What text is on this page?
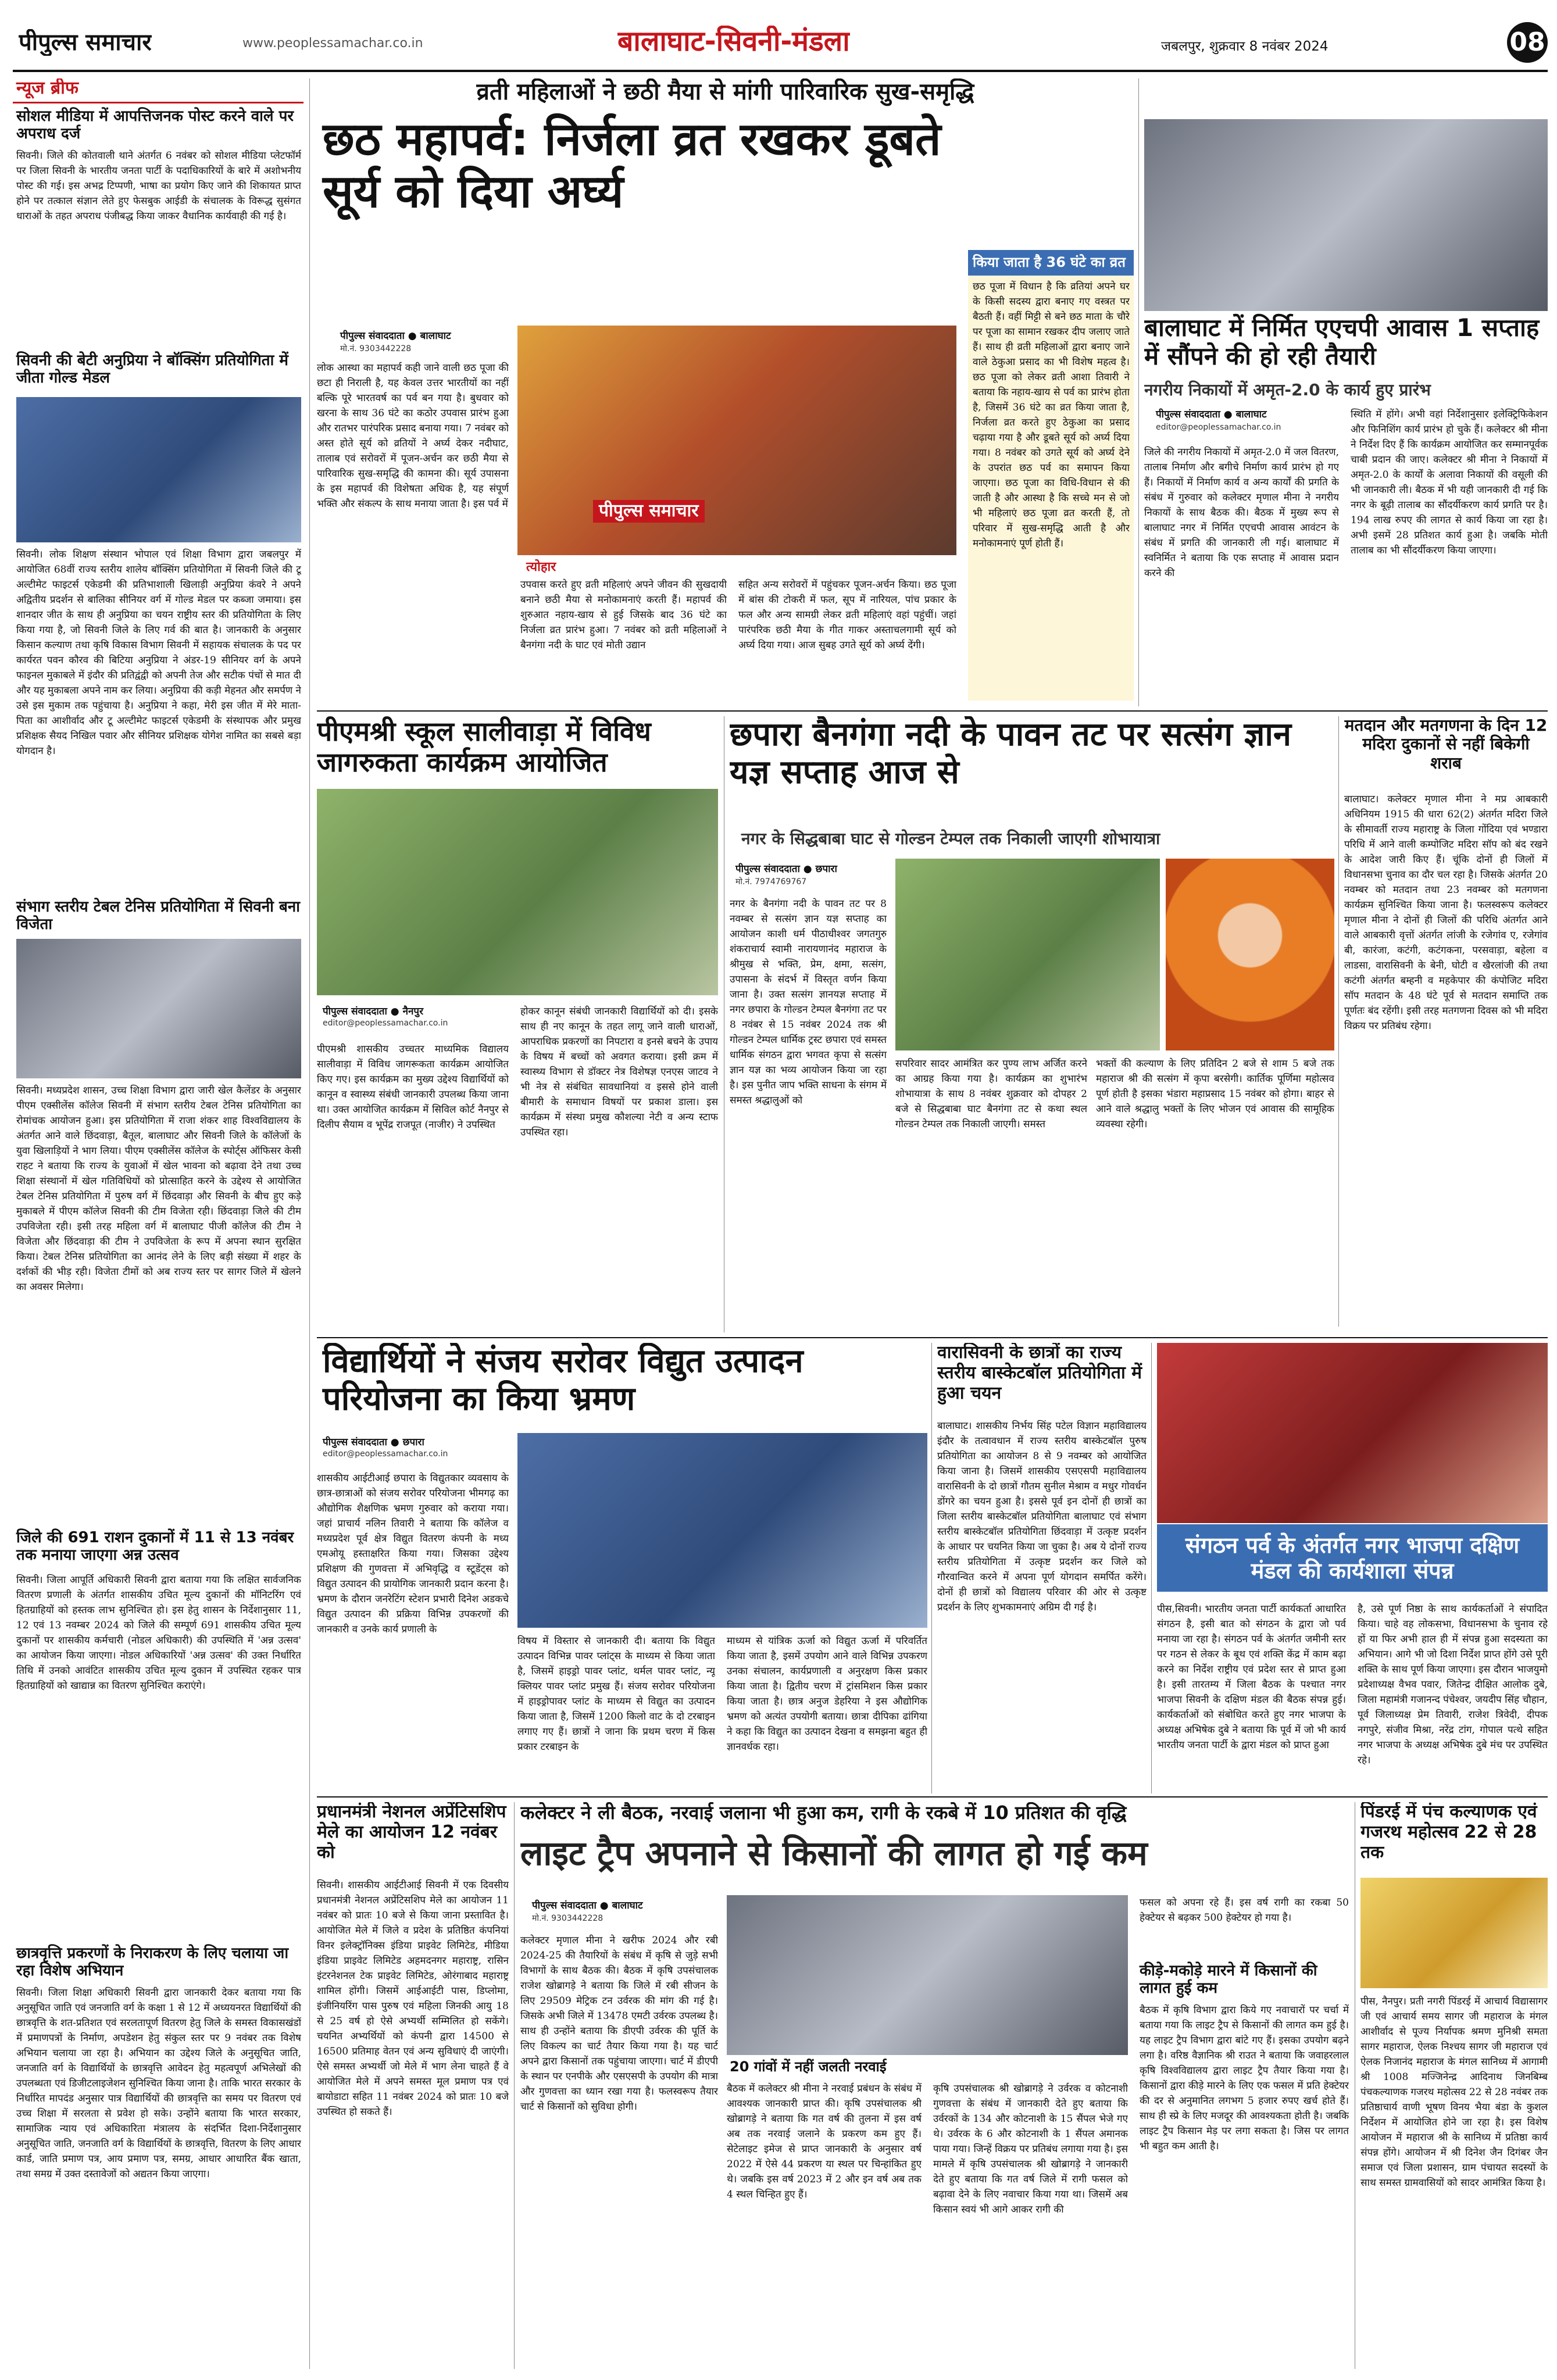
पीपुल्स समाचार	www.peoplessamachar.co.in	बालाघाट-सिवनी-मंडला	जबलपुर, शुक्रवार 8 नवंबर 2024	08
न्यूज ब्रीफ
सोशल मीडिया में आपत्तिजनक पोस्ट करने वाले पर अपराध दर्ज
सिवनी। जिले की कोतवाली थाने अंतर्गत 6 नवंबर को सोशल मीडिया प्लेटफॉर्म पर जिला सिवनी के भारतीय जनता पार्टी के पदाधिकारियों के बारे में अशोभनीय पोस्ट की गई। इस अभद्र टिप्पणी, भाषा का प्रयोग किए जाने की शिकायत प्राप्त होने पर तत्काल संज्ञान लेते हुए फेसबुक आईडी के संचालक के विरूद्ध सुसंगत धाराओं के तहत अपराध पंजीबद्ध किया जाकर वैधानिक कार्यवाही की गई है।
सिवनी की बेटी अनुप्रिया ने बॉक्सिंग प्रतियोगिता में जीता गोल्ड मेडल
सिवनी। लोक शिक्षण संस्थान भोपाल एवं शिक्षा विभाग द्वारा जबलपुर में आयोजित 68वीं राज्य स्तरीय शालेय बॉक्सिंग प्रतियोगिता में सिवनी जिले की टू अल्टीमेट फाइटर्स एकेडमी की प्रतिभाशाली खिलाड़ी अनुप्रिया कंवरे ने अपने अद्वितीय प्रदर्शन से बालिका सीनियर वर्ग में गोल्ड मेडल पर कब्जा जमाया। इस शानदार जीत के साथ ही अनुप्रिया का चयन राष्ट्रीय स्तर की प्रतियोगिता के लिए किया गया है, जो सिवनी जिले के लिए गर्व की बात है। जानकारी के अनुसार किसान कल्याण तथा कृषि विकास विभाग सिवनी में सहायक संचालक के पद पर कार्यरत पवन कौरव की बिटिया अनुप्रिया ने अंडर-19 सीनियर वर्ग के अपने फाइनल मुकाबले में इंदौर की प्रतिद्वंद्वी को अपनी तेज और सटीक पंचों से मात दी और यह मुकाबला अपने नाम कर लिया। अनुप्रिया की कड़ी मेहनत और समर्पण ने उसे इस मुकाम तक पहुंचाया है। अनुप्रिया ने कहा, मेरी इस जीत में मेरे माता-पिता का आशीर्वाद और टू अल्टीमेट फाइटर्स एकेडमी के संस्थापक और प्रमुख प्रशिक्षक सैयद निखिल पवार और सीनियर प्रशिक्षक योगेश नामित का सबसे बड़ा योगदान है।
संभाग स्तरीय टेबल टेनिस प्रतियोगिता में सिवनी बना विजेता
सिवनी। मध्यप्रदेश शासन, उच्च शिक्षा विभाग द्वारा जारी खेल कैलेंडर के अनुसार पीएम एक्सीलेंस कॉलेज सिवनी में संभाग स्तरीय टेबल टेनिस प्रतियोगिता का रोमांचक आयोजन हुआ। इस प्रतियोगिता में राजा शंकर शाह विश्वविद्यालय के अंतर्गत आने वाले छिंदवाड़ा, बैतूल, बालाघाट और सिवनी जिले के कॉलेजों के युवा खिलाड़ियों ने भाग लिया। पीएम एक्सीलेंस कॉलेज के स्पोर्ट्स ऑफिसर केसी राहट ने बताया कि राज्य के युवाओं में खेल भावना को बढ़ावा देने तथा उच्च शिक्षा संस्थानों में खेल गतिविधियों को प्रोत्साहित करने के उद्देश्य से आयोजित टेबल टेनिस प्रतियोगिता में पुरुष वर्ग में छिंदवाड़ा और सिवनी के बीच हुए कड़े मुकाबले में पीएम कॉलेज सिवनी की टीम विजेता रही। छिंदवाड़ा जिले की टीम उपविजेता रही। इसी तरह महिला वर्ग में बालाघाट पीजी कॉलेज की टीम ने विजेता और छिंदवाड़ा की टीम ने उपविजेता के रूप में अपना स्थान सुरक्षित किया। टेबल टेनिस प्रतियोगिता का आनंद लेने के लिए बड़ी संख्या में शहर के दर्शकों की भीड़ रही। विजेता टीमों को अब राज्य स्तर पर सागर जिले में खेलने का अवसर मिलेगा।
जिले की 691 राशन दुकानों में 11 से 13 नवंबर तक मनाया जाएगा अन्न उत्सव
सिवनी। जिला आपूर्ति अधिकारी सिवनी द्वारा बताया गया कि लक्षित सार्वजनिक वितरण प्रणाली के अंतर्गत शासकीय उचित मूल्य दुकानों की मॉनिटरिंग एवं हितग्राहियों को हस्तक लाभ सुनिश्चित हो। इस हेतु शासन के निर्देशानुसार 11, 12 एवं 13 नवम्बर 2024 को जिले की सम्पूर्ण 691 शासकीय उचित मूल्य दुकानों पर शासकीय कर्मचारी (नोडल अधिकारी) की उपस्थिति में 'अन्न उत्सव' का आयोजन किया जाएगा। नोडल अधिकारियों 'अन्न उत्सव' की उक्त निर्धारित तिथि में उनको आवंटित शासकीय उचित मूल्य दुकान में उपस्थित रहकर पात्र हितग्राहियों को खाद्यान्न का वितरण सुनिश्चित कराएंगे।
छात्रवृत्ति प्रकरणों के निराकरण के लिए चलाया जा रहा विशेष अभियान
सिवनी। जिला शिक्षा अधिकारी सिवनी द्वारा जानकारी देकर बताया गया कि अनुसूचित जाति एवं जनजाति वर्ग के कक्षा 1 से 12 में अध्ययनरत विद्यार्थियों की छात्रवृत्ति के शत-प्रतिशत एवं सरलतापूर्ण वितरण हेतु जिले के समस्त विकासखंडों में प्रमाणपत्रों के निर्माण, अपडेशन हेतु संकुल स्तर पर 9 नवंबर तक विशेष अभियान चलाया जा रहा है। अभियान का उद्देश्य जिले के अनुसूचित जाति, जनजाति वर्ग के विद्यार्थियों के छात्रवृत्ति आवेदन हेतु महत्वपूर्ण अभिलेखों की उपलब्धता एवं डिजीटलाइजेशन सुनिश्चित किया जाना है। ताकि भारत सरकार के निर्धारित मापदंड अनुसार पात्र विद्यार्थियों की छात्रवृत्ति का समय पर वितरण एवं उच्च शिक्षा में सरलता से प्रवेश हो सके। उन्होंने बताया कि भारत सरकार, सामाजिक न्याय एवं अधिकारिता मंत्रालय के संदर्भित दिशा-निर्देशानुसार अनुसूचित जाति, जनजाति वर्ग के विद्यार्थियों के छात्रवृत्ति, वितरण के लिए आधार कार्ड, जाति प्रमाण पत्र, आय प्रमाण पत्र, समग्र, आधार आधारित बैंक खाता, तथा समग्र में उक्त दस्तावेजों को अद्यतन किया जाएगा।
व्रती महिलाओं ने छठी मैया से मांगी पारिवारिक सुख-समृद्धि
छठ महापर्व: निर्जला व्रत रखकर डूबते सूर्य को दिया अर्घ्य
पीपुल्स संवाददाता ● बालाघाट
मो.नं. 9303442228
पीपुल्स समाचार
त्योहार
लोक आस्था का महापर्व कही जाने वाली छठ पूजा की छटा ही निराली है, यह केवल उत्तर भारतीयों का नहीं बल्कि पूरे भारतवर्ष का पर्व बन गया है। बुधवार को खरना के साथ 36 घंटे का कठोर उपवास प्रारंभ हुआ और रातभर पारंपरिक प्रसाद बनाया गया। 7 नवंबर को अस्त होते सूर्य को व्रतियों ने अर्घ्य देकर नदीघाट, तालाब एवं सरोवरों में पूजन-अर्चन कर छठी मैया से पारिवारिक सुख-समृद्धि की कामना की। सूर्य उपासना के इस महापर्व की विशेषता अधिक है, यह संपूर्ण भक्ति और संकल्प के साथ मनाया जाता है। इस पर्व में
उपवास करते हुए व्रती महिलाएं अपने जीवन की सुखदायी बनाने छठी मैया से मनोकामनाएं करती हैं। महापर्व की शुरुआत नहाय-खाय से हुई जिसके बाद 36 घंटे का निर्जला व्रत प्रारंभ हुआ। 7 नवंबर को व्रती महिलाओं ने बैनगंगा नदी के घाट एवं मोती उद्यान
सहित अन्य सरोवरों में पहुंचकर पूजन-अर्चन किया। छठ पूजा में बांस की टोकरी में फल, सूप में नारियल, पांच प्रकार के फल और अन्य सामग्री लेकर व्रती महिलाएं वहां पहुंचीं। जहां पारंपरिक छठी मैया के गीत गाकर अस्ताचलगामी सूर्य को अर्घ्य दिया गया। आज सुबह उगते सूर्य को अर्घ्य देंगी।
किया जाता है 36 घंटे का व्रत
छठ पूजा में विधान है कि व्रतियां अपने घर के किसी सदस्य द्वारा बनाए गए वस्त्रत पर बैठती हैं। वहीं मिट्टी से बने छठ माता के चौरे पर पूजा का सामान रखकर दीप जलाए जाते हैं। साथ ही व्रती महिलाओं द्वारा बनाए जाने वाले ठेकुआ प्रसाद का भी विशेष महत्व है। छठ पूजा को लेकर व्रती आशा तिवारी ने बताया कि नहाय-खाय से पर्व का प्रारंभ होता है, जिसमें 36 घंटे का व्रत किया जाता है, निर्जला व्रत करते हुए ठेकुआ का प्रसाद चढ़ाया गया है और डूबते सूर्य को अर्घ्य दिया गया। 8 नवंबर को उगते सूर्य को अर्घ्य देने के उपरांत छठ पर्व का समापन किया जाएगा। छठ पूजा का विधि-विधान से की जाती है और आस्था है कि सच्चे मन से जो भी महिलाएं छठ पूजा व्रत करती हैं, तो परिवार में सुख-समृद्धि आती है और मनोकामनाएं पूर्ण होती हैं।
बालाघाट में निर्मित एएचपी आवास 1 सप्ताह में सौंपने की हो रही तैयारी
नगरीय निकायों में अमृत-2.0 के कार्य हुए प्रारंभ
पीपुल्स संवाददाता ● बालाघाट
editor@peoplessamachar.co.in
जिले की नगरीय निकायों में अमृत-2.0 में जल वितरण, तालाब निर्माण और बगीचे निर्माण कार्य प्रारंभ हो गए हैं। निकायों में निर्माण कार्य व अन्य कार्यों की प्रगति के संबंध में गुरुवार को कलेक्टर मृणाल मीना ने नगरीय निकायों के साथ बैठक की। बैठक में मुख्य रूप से बालाघाट नगर में निर्मित एएचपी आवास आवंटन के संबंध में प्रगति की जानकारी ली गई। बालाघाट में स्वनिर्मित ने बताया कि एक सप्ताह में आवास प्रदान करने की
स्थिति में होंगे। अभी वहां निर्देशानुसार इलेक्ट्रिफिकेशन और फिनिशिंग कार्य प्रारंभ हो चुके हैं। कलेक्टर श्री मीना ने निर्देश दिए हैं कि कार्यक्रम आयोजित कर सम्मानपूर्वक चाबी प्रदान की जाए। कलेक्टर श्री मीना ने निकायों में अमृत-2.0 के कार्यों के अलावा निकायों की वसूली की भी जानकारी ली। बैठक में भी यही जानकारी दी गई कि नगर के बूढ़ी तालाब का सौंदर्यीकरण कार्य प्रगति पर है। 194 लाख रुपए की लागत से कार्य किया जा रहा है। अभी इसमें 28 प्रतिशत कार्य हुआ है। जबकि मोती तालाब का भी सौंदर्यीकरण किया जाएगा।
पीएमश्री स्कूल सालीवाड़ा में विविध जागरुकता कार्यक्रम आयोजित
पीपुल्स संवाददाता ● नैनपुर
editor@peoplessamachar.co.in
पीएमश्री शासकीय उच्चतर माध्यमिक विद्यालय सालीवाड़ा में विविध जागरूकता कार्यक्रम आयोजित किए गए। इस कार्यक्रम का मुख्य उद्देश्य विद्यार्थियों को कानून व स्वास्थ्य संबंधी जानकारी उपलब्ध किया जाना था। उक्त आयोजित कार्यक्रम में सिविल कोर्ट नैनपुर से दिलीप सैयाम व भूपेंद्र राजपूत (नाजीर) ने उपस्थित
होकर कानून संबंधी जानकारी विद्यार्थियों को दी। इसके साथ ही नए कानून के तहत लागू जाने वाली धाराओं, आपराधिक प्रकरणों का निपटारा व इनसे बचने के उपाय के विषय में बच्चों को अवगत कराया। इसी क्रम में स्वास्थ्य विभाग से डॉक्टर नेत्र विशेषज्ञ एनएस जाटव ने भी नेत्र से संबंधित सावधानियां व इससे होने वाली बीमारी के समाधान विषयों पर प्रकाश डाला। इस कार्यक्रम में संस्था प्रमुख कौशल्या नेटी व अन्य स्टाफ उपस्थित रहा।
छपारा बैनगंगा नदी के पावन तट पर सत्संग ज्ञान यज्ञ सप्ताह आज से
नगर के सिद्धबाबा घाट से गोल्डन टेम्पल तक निकाली जाएगी शोभायात्रा
पीपुल्स संवाददाता ● छपारा
मो.नं. 7974769767
नगर के बैनगंगा नदी के पावन तट पर 8 नवम्बर से सत्संग ज्ञान यज्ञ सप्ताह का आयोजन काशी धर्म पीठाधीश्वर जगतगुरु शंकराचार्य स्वामी नारायणानंद महाराज के श्रीमुख से भक्ति, प्रेम, क्षमा, सत्संग, उपासना के संदर्भ में विस्तृत वर्णन किया जाना है। उक्त सत्संग ज्ञानयज्ञ सप्ताह में नगर छपारा के गोल्डन टेम्पल बैनगंगा तट पर 8 नवंबर से 15 नवंबर 2024 तक श्री गोल्डन टेम्पल धार्मिक ट्रस्ट छपारा एवं समस्त धार्मिक संगठन द्वारा भगवत कृपा से सत्संग ज्ञान यज्ञ का भव्य आयोजन किया जा रहा है। इस पुनीत जाप भक्ति साधना के संगम में समस्त श्रद्धालुओं को
सपरिवार सादर आमंत्रित कर पुण्य लाभ अर्जित करने का आग्रह किया गया है। कार्यक्रम का शुभारंभ शोभायात्रा के साथ 8 नवंबर शुक्रवार को दोपहर 2 बजे से सिद्धबाबा घाट बैनगंगा तट से कथा स्थल गोल्डन टेम्पल तक निकाली जाएगी। समस्त
भक्तों की कल्याण के लिए प्रतिदिन 2 बजे से शाम 5 बजे तक महाराज श्री की सत्संग में कृपा बरसेगी। कार्तिक पूर्णिमा महोत्सव पूर्ण होती है इसका भंडारा महाप्रसाद 15 नवंबर को होगा। बाहर से आने वाले श्रद्धालु भक्तों के लिए भोजन एवं आवास की सामूहिक व्यवस्था रहेगी।
मतदान और मतगणना के दिन 12 मदिरा दुकानों से नहीं बिकेगी शराब
बालाघाट। कलेक्टर मृणाल मीना ने मप्र आबकारी अधिनियम 1915 की धारा 62(2) अंतर्गत मदिरा जिले के सीमावर्ती राज्य महाराष्ट्र के जिला गोंदिया एवं भण्डारा परिधि में आने वाली कम्पोजिट मदिरा सॉप को बंद रखने के आदेश जारी किए हैं। चूंकि दोनों ही जिलों में विधानसभा चुनाव का दौर चल रहा है। जिसके अंतर्गत 20 नवम्बर को मतदान तथा 23 नवम्बर को मतगणना कार्यक्रम सुनिश्चित किया जाना है। फलस्वरूप कलेक्टर मृणाल मीना ने दोनों ही जिलों की परिधि अंतर्गत आने वाले आबकारी वृत्तों अंतर्गत लांजी के रजेगांव ए, रजेगांव बी, कारंजा, कटंगी, कटंगकना, परसवाड़ा, बहेला व लाडसा, वारासिवनी के बेनी, घोटी व खैरलांजी की तथा कटंगी अंतर्गत बम्हनी व महकेपार की कंपोजिट मदिरा सॉप मतदान के 48 घंटे पूर्व से मतदान समाप्ति तक पूर्णतः बंद रहेंगी। इसी तरह मतगणना दिवस को भी मदिरा विक्रय पर प्रतिबंध रहेगा।
विद्यार्थियों ने संजय सरोवर विद्युत उत्पादन परियोजना का किया भ्रमण
पीपुल्स संवाददाता ● छपारा
editor@peoplessamachar.co.in
शासकीय आईटीआई छपारा के विद्युतकार व्यवसाय के छात्र-छात्राओं को संजय सरोवर परियोजना भीमगढ़ का औद्योगिक शैक्षणिक भ्रमण गुरुवार को कराया गया। जहां प्राचार्य नलिन तिवारी ने बताया कि कॉलेज व मध्यप्रदेश पूर्व क्षेत्र विद्युत वितरण कंपनी के मध्य एमओयू हस्ताक्षरित किया गया। जिसका उद्देश्य प्रशिक्षण की गुणवत्ता में अभिवृद्धि व स्टूडेंट्स को विद्युत उत्पादन की प्रायोगिक जानकारी प्रदान करना है। भ्रमण के दौरान जनरेटिंग स्टेशन प्रभारी दिनेश अडकचे विद्युत उत्पादन की प्रक्रिया विभिन्न उपकरणों की जानकारी व उनके कार्य प्रणाली के
विषय में विस्तार से जानकारी दी। बताया कि विद्युत उत्पादन विभिन्न पावर प्लांट्स के माध्यम से किया जाता है, जिसमें हाइड्रो पावर प्लांट, थर्मल पावर प्लांट, न्यू क्लियर पावर प्लांट प्रमुख हैं। संजय सरोवर परियोजना में हाइड्रोपावर प्लांट के माध्यम से विद्युत का उत्पादन किया जाता है, जिसमें 1200 किलो वाट के दो टरबाइन लगाए गए हैं। छात्रों ने जाना कि प्रथम चरण में किस प्रकार टरबाइन के
माध्यम से यांत्रिक ऊर्जा को विद्युत ऊर्जा में परिवर्तित किया जाता है, इसमें उपयोग आने वाले विभिन्न उपकरण उनका संचालन, कार्यप्रणाली व अनुरक्षण किस प्रकार किया जाता है। द्वितीय चरण में ट्रांसमिशन किस प्रकार किया जाता है। छात्र अनुज डेहरिया ने इस औद्योगिक भ्रमण को अत्यंत उपयोगी बताया। छात्रा दीपिका ढांगिया ने कहा कि विद्युत का उत्पादन देखना व समझना बहुत ही ज्ञानवर्धक रहा।
वारासिवनी के छात्रों का राज्य स्तरीय बास्केटबॉल प्रतियोगिता में हुआ चयन
बालाघाट। शासकीय निर्भय सिंह पटेल विज्ञान महाविद्यालय इंदौर के तत्वावधान में राज्य स्तरीय बास्केटबॉल पुरुष प्रतियोगिता का आयोजन 8 से 9 नवम्बर को आयोजित किया जाना है। जिसमें शासकीय एसएसपी महाविद्यालय वारासिवनी के दो छात्रों गौतम सुनील मेश्राम व मधुर गोवर्धन डोंगरे का चयन हुआ है। इससे पूर्व इन दोनों ही छात्रों का जिला स्तरीय बास्केटबॉल प्रतियोगिता बालाघाट एवं संभाग स्तरीय बास्केटबॉल प्रतियोगिता छिंदवाड़ा में उत्कृष्ट प्रदर्शन के आधार पर चयनित किया जा चुका है। अब ये दोनों राज्य स्तरीय प्रतियोगिता में उत्कृष्ट प्रदर्शन कर जिले को गौरवान्वित करने में अपना पूर्ण योगदान समर्पित करेंगे। दोनों ही छात्रों को विद्यालय परिवार की ओर से उत्कृष्ट प्रदर्शन के लिए शुभकामनाएं अग्रिम दी गई है।
संगठन पर्व के अंतर्गत नगर भाजपा दक्षिण मंडल की कार्यशाला संपन्न
पीस,सिवनी। भारतीय जनता पार्टी कार्यकर्ता आधारित संगठन है, इसी बात को संगठन के द्वारा जो पर्व मनाया जा रहा है। संगठन पर्व के अंतर्गत जमीनी स्तर पर गठन से लेकर के बूथ एवं शक्ति केंद्र में काम बढ़ा करने का निर्देश राष्ट्रीय एवं प्रदेश स्तर से प्राप्त हुआ है। इसी तारतम्य में जिला बैठक के पश्चात नगर भाजपा सिवनी के दक्षिण मंडल की बैठक संपन्न हुई। कार्यकर्ताओं को संबोधित करते हुए नगर भाजपा के अध्यक्ष अभिषेक दुबे ने बताया कि पूर्व में जो भी कार्य भारतीय जनता पार्टी के द्वारा मंडल को प्राप्त हुआ
है, उसे पूर्ण निष्ठा के साथ कार्यकर्ताओं ने संपादित किया। चाहे वह लोकसभा, विधानसभा के चुनाव रहे हों या फिर अभी हाल ही में संपन्न हुआ सदस्यता का अभियान। आगे भी जो दिशा निर्देश प्राप्त होंगे उसे पूरी शक्ति के साथ पूर्ण किया जाएगा। इस दौरान भाजयुमो प्रदेशाध्यक्ष वैभव पवार, जितेन्द्र दीक्षित आलोक दुबे, जिला महामंत्री गजानन्द पंचेश्वर, जयदीप सिंह चौहान, पूर्व जिलाध्यक्ष प्रेम तिवारी, राजेश त्रिवेदी, दीपक नगपुरे, संजीव मिश्रा, नरेंद्र टांग, गोपाल पत्थे सहित नगर भाजपा के अध्यक्ष अभिषेक दुबे मंच पर उपस्थित रहे।
प्रधानमंत्री नेशनल अप्रेंटिसशिप मेले का आयोजन 12 नवंबर को
सिवनी। शासकीय आईटीआई सिवनी में एक दिवसीय प्रधानमंत्री नेशनल अप्रेंटिसशिप मेले का आयोजन 11 नवंबर को प्रातः 10 बजे से किया जाना प्रस्तावित है। आयोजित मेले में जिले व प्रदेश के प्रतिष्ठित कंपनियां विनर इलेक्ट्रॉनिक्स इंडिया प्राइवेट लिमिटेड, मीडिया इंडिया प्राइवेट लिमिटेड अहमदनगर महाराष्ट्र, रासिन इंटरनेशनल टेक प्राइवेट लिमिटेड, ओरंगाबाद महाराष्ट्र शामिल होंगी। जिसमें आईआईटी पास, डिप्लोमा, इंजीनियरिंग पास पुरुष एवं महिला जिनकी आयु 18 से 25 वर्ष हो ऐसे अभ्यर्थी सम्मिलित हो सकेंगे। चयनित अभ्यर्थियों को कंपनी द्वारा 14500 से 16500 प्रतिमाह वेतन एवं अन्य सुविधाएं दी जाएंगी। ऐसे समस्त अभ्यर्थी जो मेले में भाग लेना चाहते हैं वे आयोजित मेले में अपने समस्त मूल प्रमाण पत्र एवं बायोडाटा सहित 11 नवंबर 2024 को प्रातः 10 बजे उपस्थित हो सकते हैं।
कलेक्टर ने ली बैठक, नरवाई जलाना भी हुआ कम, रागी के रकबे में 10 प्रतिशत की वृद्धि
लाइट ट्रैप अपनाने से किसानों की लागत हो गई कम
पीपुल्स संवाददाता ● बालाघाट
मो.नं. 9303442228
कलेक्टर मृणाल मीना ने खरीफ 2024 और रबी 2024-25 की तैयारियों के संबंध में कृषि से जुड़े सभी विभागों के साथ बैठक की। बैठक में कृषि उपसंचालक राजेश खोब्रागड़े ने बताया कि जिले में रबी सीजन के लिए 29509 मेट्रिक टन उर्वरक की मांग की गई है। जिसके अभी जिले में 13478 एमटी उर्वरक उपलब्ध है। साथ ही उन्होंने बताया कि डीएपी उर्वरक की पूर्ति के लिए विकल्प का चार्ट तैयार किया गया है। यह चार्ट अपने द्वारा किसानों तक पहुंचाया जाएगा। चार्ट में डीएपी के स्थान पर एनपीके और एसएसपी के उपयोग की मात्रा और गुणवत्ता का ध्यान रखा गया है। फलस्वरूप तैयार चार्ट से किसानों को सुविधा होगी।
20 गांवों में नहीं जलती नरवाई
बैठक में कलेक्टर श्री मीना ने नरवाई प्रबंधन के संबंध में आवश्यक जानकारी प्राप्त की। कृषि उपसंचालक श्री खोब्रागड़े ने बताया कि गत वर्ष की तुलना में इस वर्ष अब तक नरवाई जलाने के प्रकरण कम हुए हैं। सेटेलाइट इमेज से प्राप्त जानकारी के अनुसार वर्ष 2022 में ऐसे 44 प्रकरण या स्थल पर चिन्हांकित हुए थे। जबकि इस वर्ष 2023 में 2 और इन वर्ष अब तक 4 स्थल चिन्हित हुए हैं।
कृषि उपसंचालक श्री खोब्रागड़े ने उर्वरक व कोटनाशी गुणवत्ता के संबंध में जानकारी देते हुए बताया कि उर्वरकों के 134 और कोटनाशी के 15 सैंपल भेजे गए थे। उर्वरक के 6 और कोटनाशी के 1 सैंपल अमानक पाया गया। जिन्हें विक्रय पर प्रतिबंध लगाया गया है। इस मामले में कृषि उपसंचालक श्री खोब्रागड़े ने जानकारी देते हुए बताया कि गत वर्ष जिले में रागी फसल को बढ़ावा देने के लिए नवाचार किया गया था। जिसमें अब किसान स्वयं भी आगे आकर रागी की
फसल को अपना रहे हैं। इस वर्ष रागी का रकबा 50 हेक्टेयर से बढ़कर 500 हेक्टेयर हो गया है।
कीड़े-मकोड़े मारने में किसानों की लागत हुई कम
बैठक में कृषि विभाग द्वारा किये गए नवाचारों पर चर्चा में बताया गया कि लाइट ट्रैप से किसानों की लागत कम हुई है। यह लाइट ट्रैप विभाग द्वारा बांटे गए हैं। इसका उपयोग बढ़ने लगा है। वरिष्ठ वैज्ञानिक श्री राउत ने बताया कि जवाहरलाल कृषि विश्वविद्यालय द्वारा लाइट ट्रैप तैयार किया गया है। किसानों द्वारा कीड़े मारने के लिए एक फसल में प्रति हेक्टेयर की दर से अनुमानित लगभग 5 हजार रुपए खर्च होते हैं। साथ ही स्प्रे के लिए मजदूर की आवश्यकता होती है। जबकि लाइट ट्रैप किसान मेड़ पर लगा सकता है। जिस पर लागत भी बहुत कम आती है।
पिंडरई में पंच कल्याणक एवं गजरथ महोत्सव 22 से 28 तक
पीस, नैनपुर। प्रती नगरी पिंडरई में आचार्य विद्यासागर जी एवं आचार्य समय सागर जी महाराज के मंगल आशीर्वाद से पूज्य निर्यापक श्रमण मुनिश्री समता सागर महाराज, ऐलक निश्चय सागर जी महाराज एवं ऐलक निजानंद महाराज के मंगल सानिध्य में आगामी श्री 1008 मज्जिनेन्द्र आदिनाथ जिनबिम्ब पंचकल्याणक गजरथ महोत्सव 22 से 28 नवंबर तक प्रतिष्ठाचार्य वाणी भूषण विनय भैया बंडा के कुशल निर्देशन में आयोजित होने जा रहा है। इस विशेष आयोजन में महाराज श्री के सानिध्य में प्रतिष्ठा कार्य संपन्न होंगे। आयोजन में श्री दिनेश जैन दिगंबर जैन समाज एवं जिला प्रशासन, ग्राम पंचायत सदस्यों के साथ समस्त ग्रामवासियों को सादर आमंत्रित किया है।
